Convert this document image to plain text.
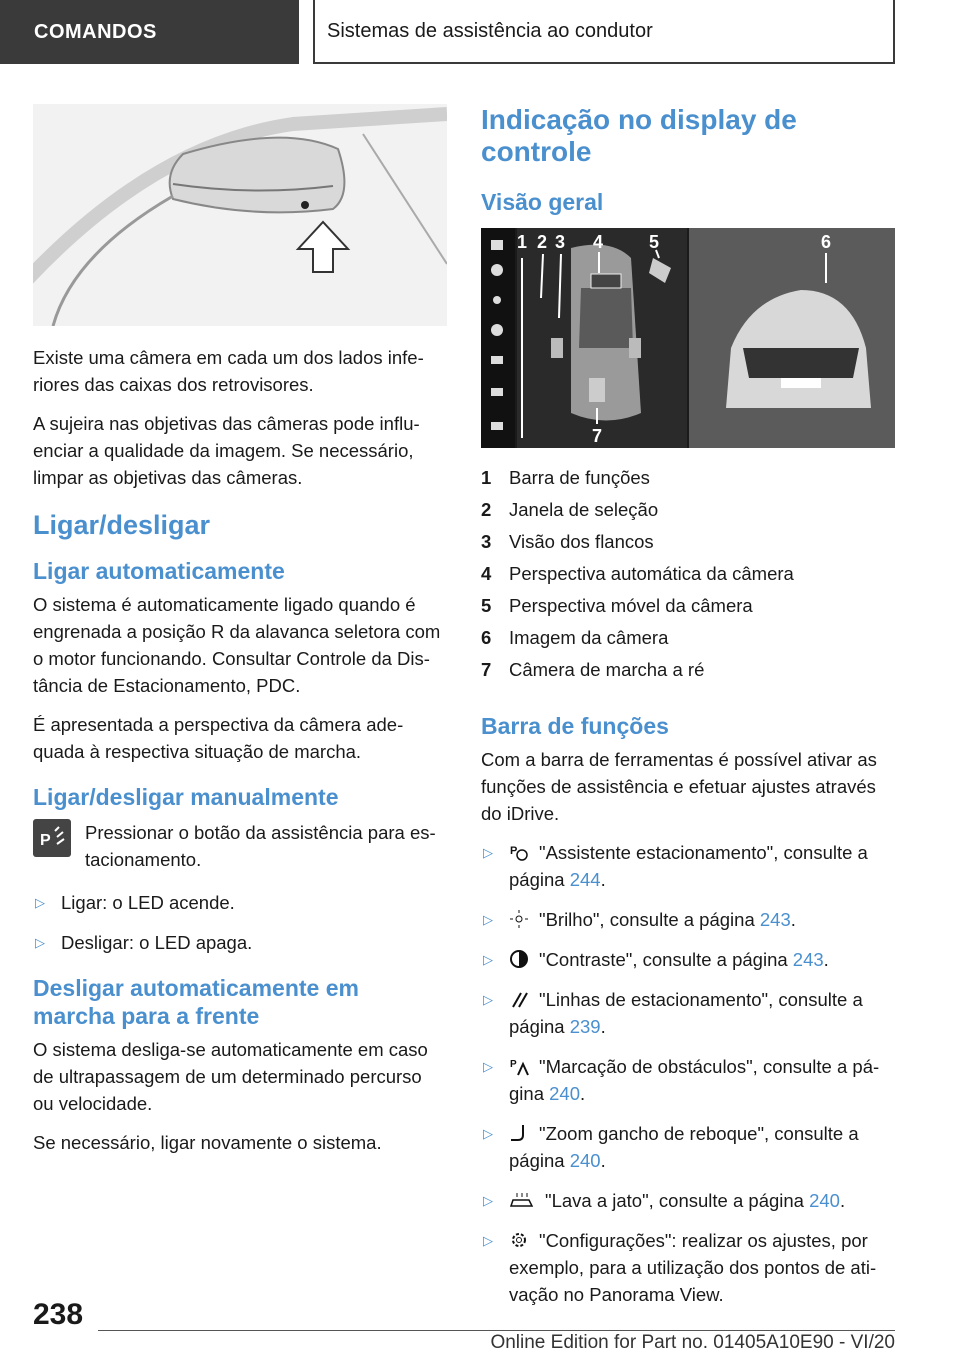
COMANDOS	Sistemas de assistência ao condutor

Existe uma câmera em cada um dos lados infe-riores das caixas dos retrovisores.

A sujeira nas objetivas das câmeras pode influ-enciar a qualidade da imagem. Se necessário, limpar as objetivas das câmeras.

Ligar/desligar
Ligar automaticamente

O sistema é automaticamente ligado quando é engrenada a posição R da alavanca seletora com o motor funcionando. Consultar Controle da Dis-tância de Estacionamento, PDC.

É apresentada a perspectiva da câmera ade-quada à respectiva situação de marcha.

Ligar/desligar manualmente
P Pressionar o botão da assistência para es-tacionamento.

▷ Ligar: o LED acende.
▷ Desligar: o LED apaga.
Desligar automaticamente em marcha para a frente

O sistema desliga-se automaticamente em caso de ultrapassagem de um determinado percurso ou velocidade.

Se necessário, ligar novamente o sistema.

Indicação no display de controle
Visão geral
1 2 3 4	5	6
7
1 Barra de funções
2 Janela de seleção
3 Visão dos flancos
4 Perspectiva automática da câmera
5 Perspectiva móvel da câmera
6 Imagem da câmera
7 Câmera de marcha a ré
Barra de funções

Com a barra de ferramentas é possível ativar as funções de assistência e efetuar ajustes através do iDrive.

▷	P "Assistente estacionamento", consulte a página 244.
▷	"Brilho", consulte a página 243.
▷	"Contraste", consulte a página 243.
▷	"Linhas de estacionamento", consulte a página 239.
▷	P "Marcação de obstáculos", consulte a pá-gina 240.
▷	"Zoom gancho de reboque", consulte a página 240.
▷	"Lava a jato", consulte a página 240.
▷	"Configurações": realizar os ajustes, por exemplo, para a utilização dos pontos de ati-vação no Panorama View.
238
Online Edition for Part no. 01405A10E90 - VI/20
